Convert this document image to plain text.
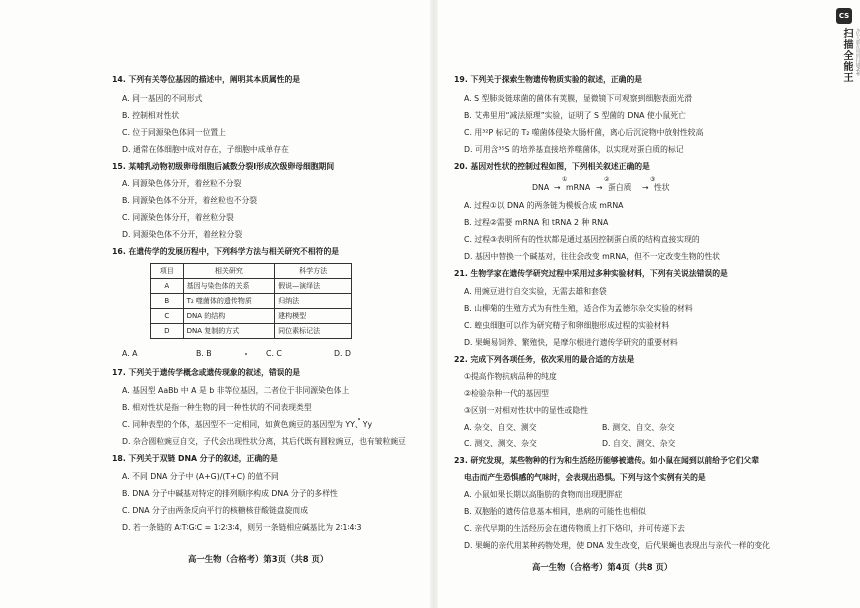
CS
扫描全能王 3亿人都在用的扫描App
14. 下列有关等位基因的描述中，阐明其本质属性的是
A. 同一基因的不同形式
B. 控制相对性状
C. 位于同源染色体同一位置上
D. 通常在体细胞中成对存在，子细胞中成单存在
15. 某哺乳动物初级卵母细胞后减数分裂Ⅰ形成次级卵母细胞期间
A. 同源染色体分开，着丝粒不分裂
B. 同源染色体不分开，着丝粒也不分裂
C. 同源染色体分开，着丝粒分裂
D. 同源染色体不分开，着丝粒分裂
16. 在遗传学的发展历程中，下列科学方法与相关研究不相符的是
项目	相关研究	科学方法
A	基因与染色体的关系	假说—演绎法
B	T₂ 噬菌体的遗传物质	归纳法
C	DNA 的结构	建构模型
D	DNA 复制的方式	同位素标记法
A. A	B. B	C. C	D. D
17. 下列关于遗传学概念或遗传现象的叙述，错误的是
A. 基因型 AaBb 中 A 是 b 非等位基因，二者位于非同源染色体上
B. 相对性状是指一种生物的同一种性状的不同表现类型
C. 同种表型的个体，基因型不一定相同，如黄色豌豆的基因型为 YY、Yy
D. 杂合圆粒豌豆自交，子代会出现性状分离，其后代既有圆粒豌豆，也有皱粒豌豆
18. 下列关于双链 DNA 分子的叙述，正确的是
A. 不同 DNA 分子中 (A+G)/(T+C) 的值不同
B. DNA 分子中碱基对特定的排列顺序构成 DNA 分子的多样性
C. DNA 分子由两条反向平行的核糖核苷酸链盘旋而成
D. 若一条链的 A∶T∶G∶C = 1∶2∶3∶4，则另一条链相应碱基比为 2∶1∶4∶3
高一生物（合格考）第3页（共8 页）
19. 下列关于探索生物遗传物质实验的叙述，正确的是
A. S 型肺炎链球菌的菌体有荚膜，显微镜下可观察到细胞表面光滑
B. 艾弗里用“减法原理”实验，证明了 S 型菌的 DNA 使小鼠死亡
C. 用³²P 标记的 T₂ 噬菌体侵染大肠杆菌，离心后沉淀物中放射性较高
D. 可用含³⁵S 的培养基直接培养噬菌体，以实现对蛋白质的标记
20. 基因对性状的控制过程如图，下列相关叙述正确的是
DNA
①
→ mRNA
②
→ 蛋白质
③
→ 性状
A. 过程①以 DNA 的两条链为模板合成 mRNA
B. 过程②需要 mRNA 和 tRNA 2 种 RNA
C. 过程③表明所有的性状都是通过基因控制蛋白质的结构直接实现的
D. 基因中替换一个碱基对，往往会改变 mRNA，但不一定改变生物的性状
21. 生物学家在遗传学研究过程中采用过多种实验材料，下列有关说法错误的是
A. 用豌豆进行自交实验，无需去雄和套袋
B. 山柳菊的生殖方式为有性生殖，适合作为孟德尔杂交实验的材料
C. 蝗虫细胞可以作为研究精子和卵细胞形成过程的实验材料
D. 果蝇易饲养、繁殖快，是摩尔根进行遗传学研究的重要材料
22. 完成下列各项任务，依次采用的最合适的方法是
①提高作物抗病品种的纯度
②检验杂种一代的基因型
③区别一对相对性状中的显性或隐性
A. 杂交、自交、测交	B. 测交、自交、杂交
C. 测交、测交、杂交	D. 自交、测交、杂交
23. 研究发现，某些物种的行为和生活经历能够被遗传。如小鼠在闻到以前给予它们父辈
电击而产生恐惧感的气味时，会表现出恐惧。下列与这个实例有关的是
A. 小鼠如果长期以高脂肪的食物而出现肥胖症
B. 双胞胎的遗传信息基本相同，患病的可能性也相似
C. 亲代早期的生活经历会在遗传物质上打下烙印，并可传递下去
D. 果蝇的亲代用某种药物处理，使 DNA 发生改变，后代果蝇也表现出与亲代一样的变化
高一生物（合格考）第4页（共8 页）
